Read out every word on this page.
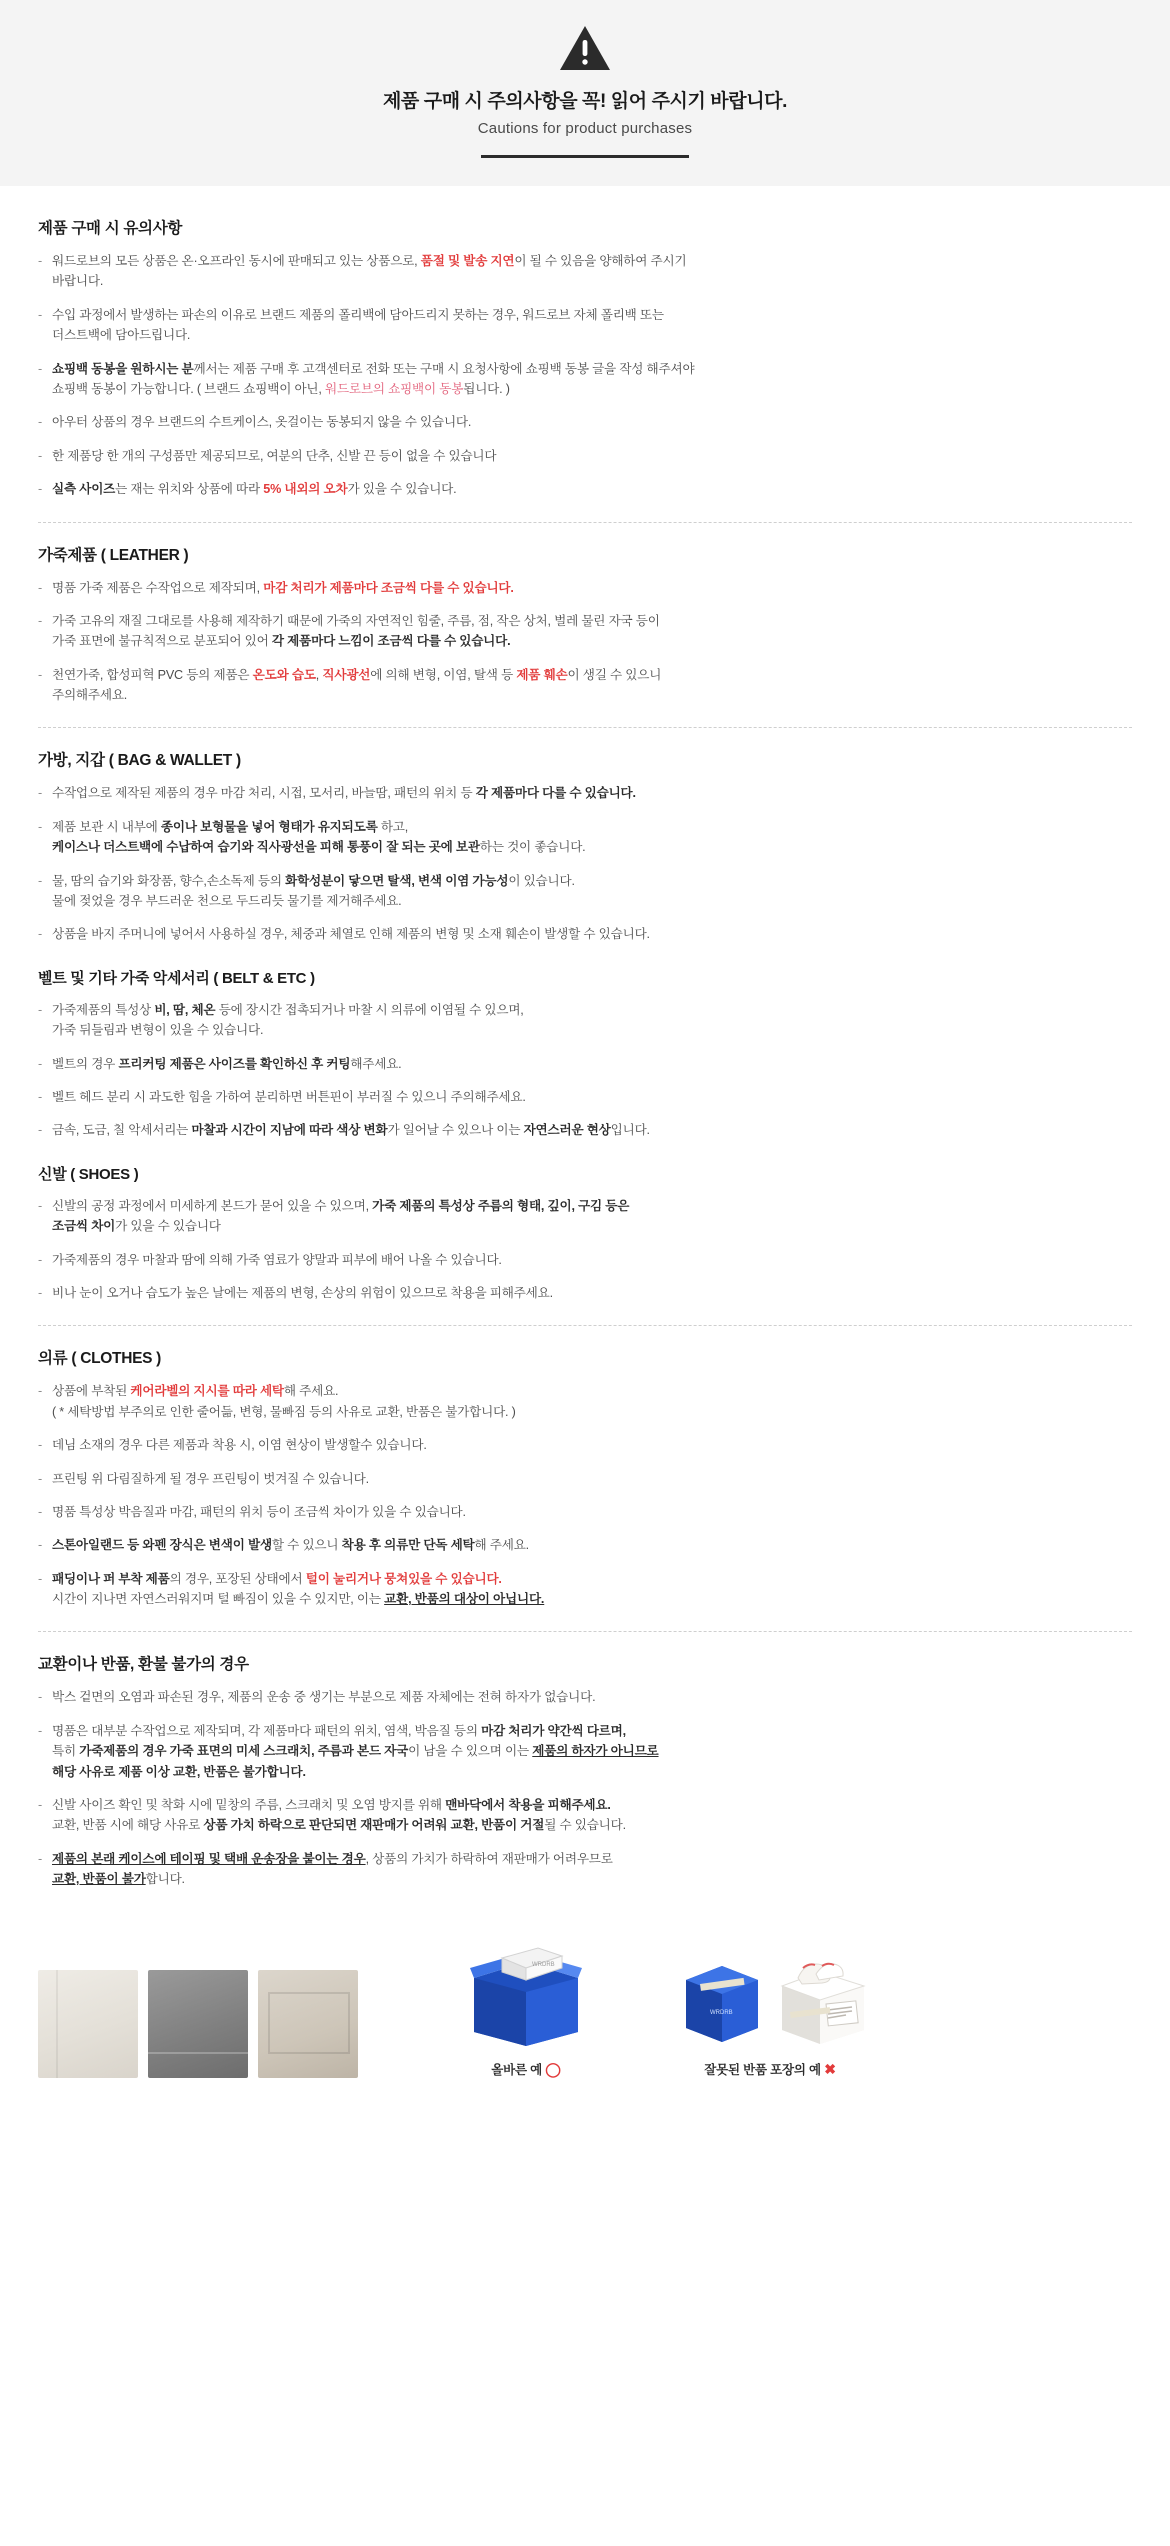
제품 구매 시 주의사항을 꼭! 읽어 주시기 바랍니다.
Cautions for product purchases
제품 구매 시 유의사항
- 워드로브의 모든 상품은 온·오프라인 동시에 판매되고 있는 상품으로, 품절 및 발송 지연이 될 수 있음을 양해하여 주시기
바랍니다.
- 수입 과정에서 발생하는 파손의 이유로 브랜드 제품의 폴리백에 담아드리지 못하는 경우, 워드로브 자체 폴리백 또는
더스트백에 담아드립니다.
- 쇼핑백 동봉을 원하시는 분께서는 제품 구매 후 고객센터로 전화 또는 구매 시 요청사항에 쇼핑백 동봉 글을 작성 해주셔야
쇼핑백 동봉이 가능합니다. ( 브랜드 쇼핑백이 아닌, 워드로브의 쇼핑백이 동봉됩니다. )
- 아우터 상품의 경우 브랜드의 수트케이스, 옷걸이는 동봉되지 않을 수 있습니다.
- 한 제품당 한 개의 구성품만 제공되므로, 여분의 단추, 신발 끈 등이 없을 수 있습니다
- 실측 사이즈는 재는 위치와 상품에 따라 5% 내외의 오차가 있을 수 있습니다.
가죽제품 ( LEATHER )
- 명품 가죽 제품은 수작업으로 제작되며, 마감 처리가 제품마다 조금씩 다를 수 있습니다.
- 가죽 고유의 재질 그대로를 사용해 제작하기 때문에 가죽의 자연적인 힘줄, 주름, 점, 작은 상처, 벌레 물린 자국 등이
가죽 표면에 불규칙적으로 분포되어 있어 각 제품마다 느낌이 조금씩 다를 수 있습니다.
- 천연가죽, 합성피혁 PVC 등의 제품은 온도와 습도, 직사광선에 의해 변형, 이염, 탈색 등 제품 훼손이 생길 수 있으니
주의해주세요.
가방, 지갑 ( BAG & WALLET )
- 수작업으로 제작된 제품의 경우 마감 처리, 시접, 모서리, 바늘땀, 패턴의 위치 등 각 제품마다 다를 수 있습니다.
- 제품 보관 시 내부에 종이나 보형물을 넣어 형태가 유지되도록 하고,
케이스나 더스트백에 수납하여 습기와 직사광선을 피해 통풍이 잘 되는 곳에 보관하는 것이 좋습니다.
- 물, 땀의 습기와 화장품, 향수,손소독제 등의 화학성분이 닿으면 탈색, 변색 이염 가능성이 있습니다.
물에 젖었을 경우 부드러운 천으로 두드리듯 물기를 제거해주세요.
- 상품을 바지 주머니에 넣어서 사용하실 경우, 체중과 체열로 인해 제품의 변형 및 소재 훼손이 발생할 수 있습니다.
벨트 및 기타 가죽 악세서리 ( BELT & ETC )
- 가죽제품의 특성상 비, 땀, 체온 등에 장시간 접촉되거나 마찰 시 의류에 이염될 수 있으며,
가죽 뒤들림과 변형이 있을 수 있습니다.
- 벨트의 경우 프리커팅 제품은 사이즈를 확인하신 후 커팅해주세요.
- 벨트 헤드 분리 시 과도한 힘을 가하여 분리하면 버튼핀이 부러질 수 있으니 주의해주세요.
- 금속, 도금, 칠 악세서리는 마찰과 시간이 지남에 따라 색상 변화가 일어날 수 있으나 이는 자연스러운 현상입니다.
신발 ( SHOES )
- 신발의 공정 과정에서 미세하게 본드가 묻어 있을 수 있으며, 가죽 제품의 특성상 주름의 형태, 깊이, 구김 등은
조금씩 차이가 있을 수 있습니다
- 가죽제품의 경우 마찰과 땀에 의해 가죽 염료가 양말과 피부에 배어 나올 수 있습니다.
- 비나 눈이 오거나 습도가 높은 날에는 제품의 변형, 손상의 위험이 있으므로 착용을 피해주세요.
의류 ( CLOTHES )
- 상품에 부착된 케어라벨의 지시를 따라 세탁해 주세요.
( * 세탁방법 부주의로 인한 줄어듦, 변형, 물빠짐 등의 사유로 교환, 반품은 불가합니다. )
- 데님 소재의 경우 다른 제품과 착용 시, 이염 현상이 발생할수 있습니다.
- 프린팅 위 다림질하게 될 경우 프린팅이 벗겨질 수 있습니다.
- 명품 특성상 박음질과 마감, 패턴의 위치 등이 조금씩 차이가 있을 수 있습니다.
- 스톤아일랜드 등 와펜 장식은 변색이 발생할 수 있으니 착용 후 의류만 단독 세탁해 주세요.
- 패딩이나 퍼 부착 제품의 경우, 포장된 상태에서 털이 눌리거나 뭉쳐있을 수 있습니다.
시간이 지나면 자연스러워지며 털 빠짐이 있을 수 있지만, 이는 교환, 반품의 대상이 아닙니다.
교환이나 반품, 환불 불가의 경우
- 박스 겉면의 오염과 파손된 경우, 제품의 운송 중 생기는 부분으로 제품 자체에는 전혀 하자가 없습니다.
- 명품은 대부분 수작업으로 제작되며, 각 제품마다 패턴의 위치, 염색, 박음질 등의 마감 처리가 약간씩 다르며,
특히 가죽제품의 경우 가죽 표면의 미세 스크래치, 주름과 본드 자국이 남을 수 있으며 이는 제품의 하자가 아니므로
해당 사유로 제품 이상 교환, 반품은 불가합니다.
- 신발 사이즈 확인 및 착화 시에 밑창의 주름, 스크래치 및 오염 방지를 위해 맨바닥에서 착용을 피해주세요.
교환, 반품 시에 해당 사유로 상품 가치 하락으로 판단되면 재판매가 어려워 교환, 반품이 거절될 수 있습니다.
- 제품의 본래 케이스에 테이핑 및 택배 운송장을 붙이는 경우, 상품의 가치가 하락하여 재판매가 어려우므로
교환, 반품이 불가합니다.
WRDRB
올바른 예 ◯
WRDRB
잘못된 반품 포장의 예 ✖
